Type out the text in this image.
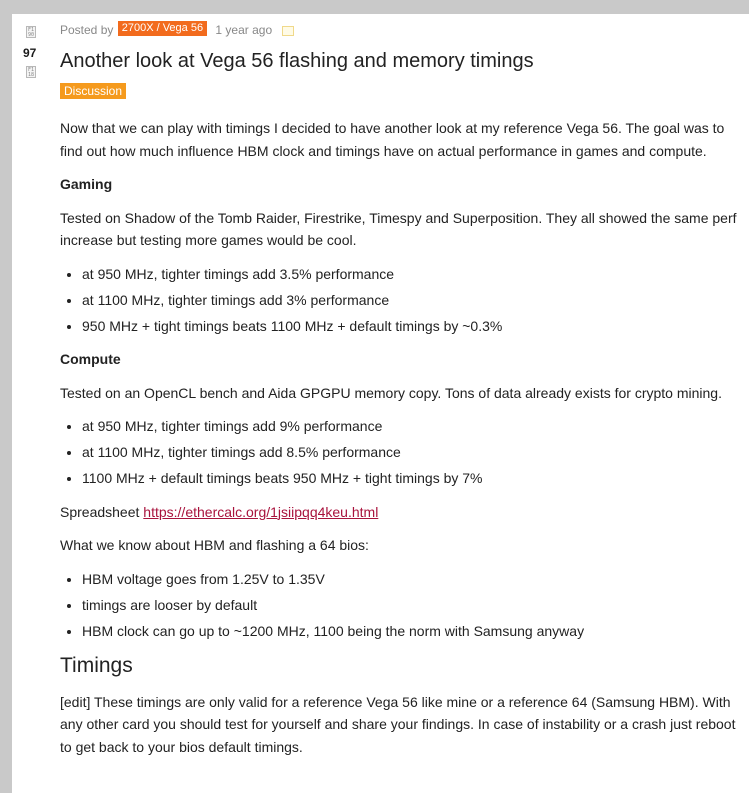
F1 90
97
F1 18
Posted by 2700X / Vega 56 1 year ago
Another look at Vega 56 flashing and memory timings
Discussion

Now that we can play with timings I decided to have another look at my reference Vega 56. The goal was to find out how much influence HBM clock and timings have on actual performance in games and compute.

Gaming

Tested on Shadow of the Tomb Raider, Firestrike, Timespy and Superposition. They all showed the same perf increase but testing more games would be cool.

• at 950 MHz, tighter timings add 3.5% performance
• at 1100 MHz, tighter timings add 3% performance
• 950 MHz + tight timings beats 1100 MHz + default timings by ~0.3%
Compute

Tested on an OpenCL bench and Aida GPGPU memory copy. Tons of data already exists for crypto mining.

• at 950 MHz, tighter timings add 9% performance
• at 1100 MHz, tighter timings add 8.5% performance
• 1100 MHz + default timings beats 950 MHz + tight timings by 7%

Spreadsheet https://ethercalc.org/1jsiipqq4keu.html

What we know about HBM and flashing a 64 bios:

• HBM voltage goes from 1.25V to 1.35V
• timings are looser by default
• HBM clock can go up to ~1200 MHz, 1100 being the norm with Samsung anyway
Timings

[edit] These timings are only valid for a reference Vega 56 like mine or a reference 64 (Samsung HBM). With any other card you should test for yourself and share your findings. In case of instability or a crash just reboot to get back to your bios default timings.
